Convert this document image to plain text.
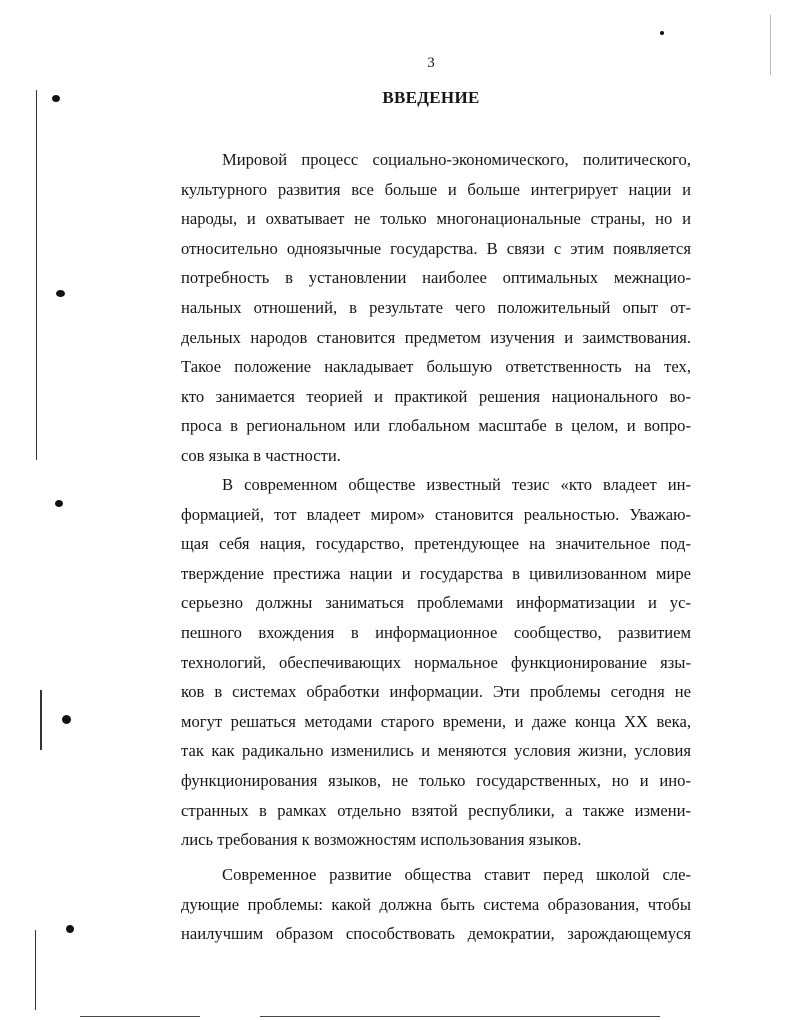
3
ВВЕДЕНИЕ
Мировой процесс социально-экономического, политического,
культурного развития все больше и больше интегрирует нации и
народы, и охватывает не только многонациональные страны, но и
относительно одноязычные государства. В связи с этим появляется
потребность в установлении наиболее оптимальных межнацио-
нальных отношений, в результате чего положительный опыт от-
дельных народов становится предметом изучения и заимствования.
Такое положение накладывает большую ответственность на тех,
кто занимается теорией и практикой решения национального во-
проса в региональном или глобальном масштабе в целом, и вопро-
сов языка в частности.
В современном обществе известный тезис «кто владеет ин-
формацией, тот владеет миром» становится реальностью. Уважаю-
щая себя нация, государство, претендующее на значительное под-
тверждение престижа нации и государства в цивилизованном мире
серьезно должны заниматься проблемами информатизации и ус-
пешного вхождения в информационное сообщество, развитием
технологий, обеспечивающих нормальное функционирование язы-
ков в системах обработки информации. Эти проблемы сегодня не
могут решаться методами старого времени, и даже конца XX века,
так как радикально изменились и меняются условия жизни, условия
функционирования языков, не только государственных, но и ино-
странных в рамках отдельно взятой республики, а также измени-
лись требования к возможностям использования языков.
Современное развитие общества ставит перед школой сле-
дующие проблемы: какой должна быть система образования, чтобы
наилучшим образом способствовать демократии, зарождающемуся
